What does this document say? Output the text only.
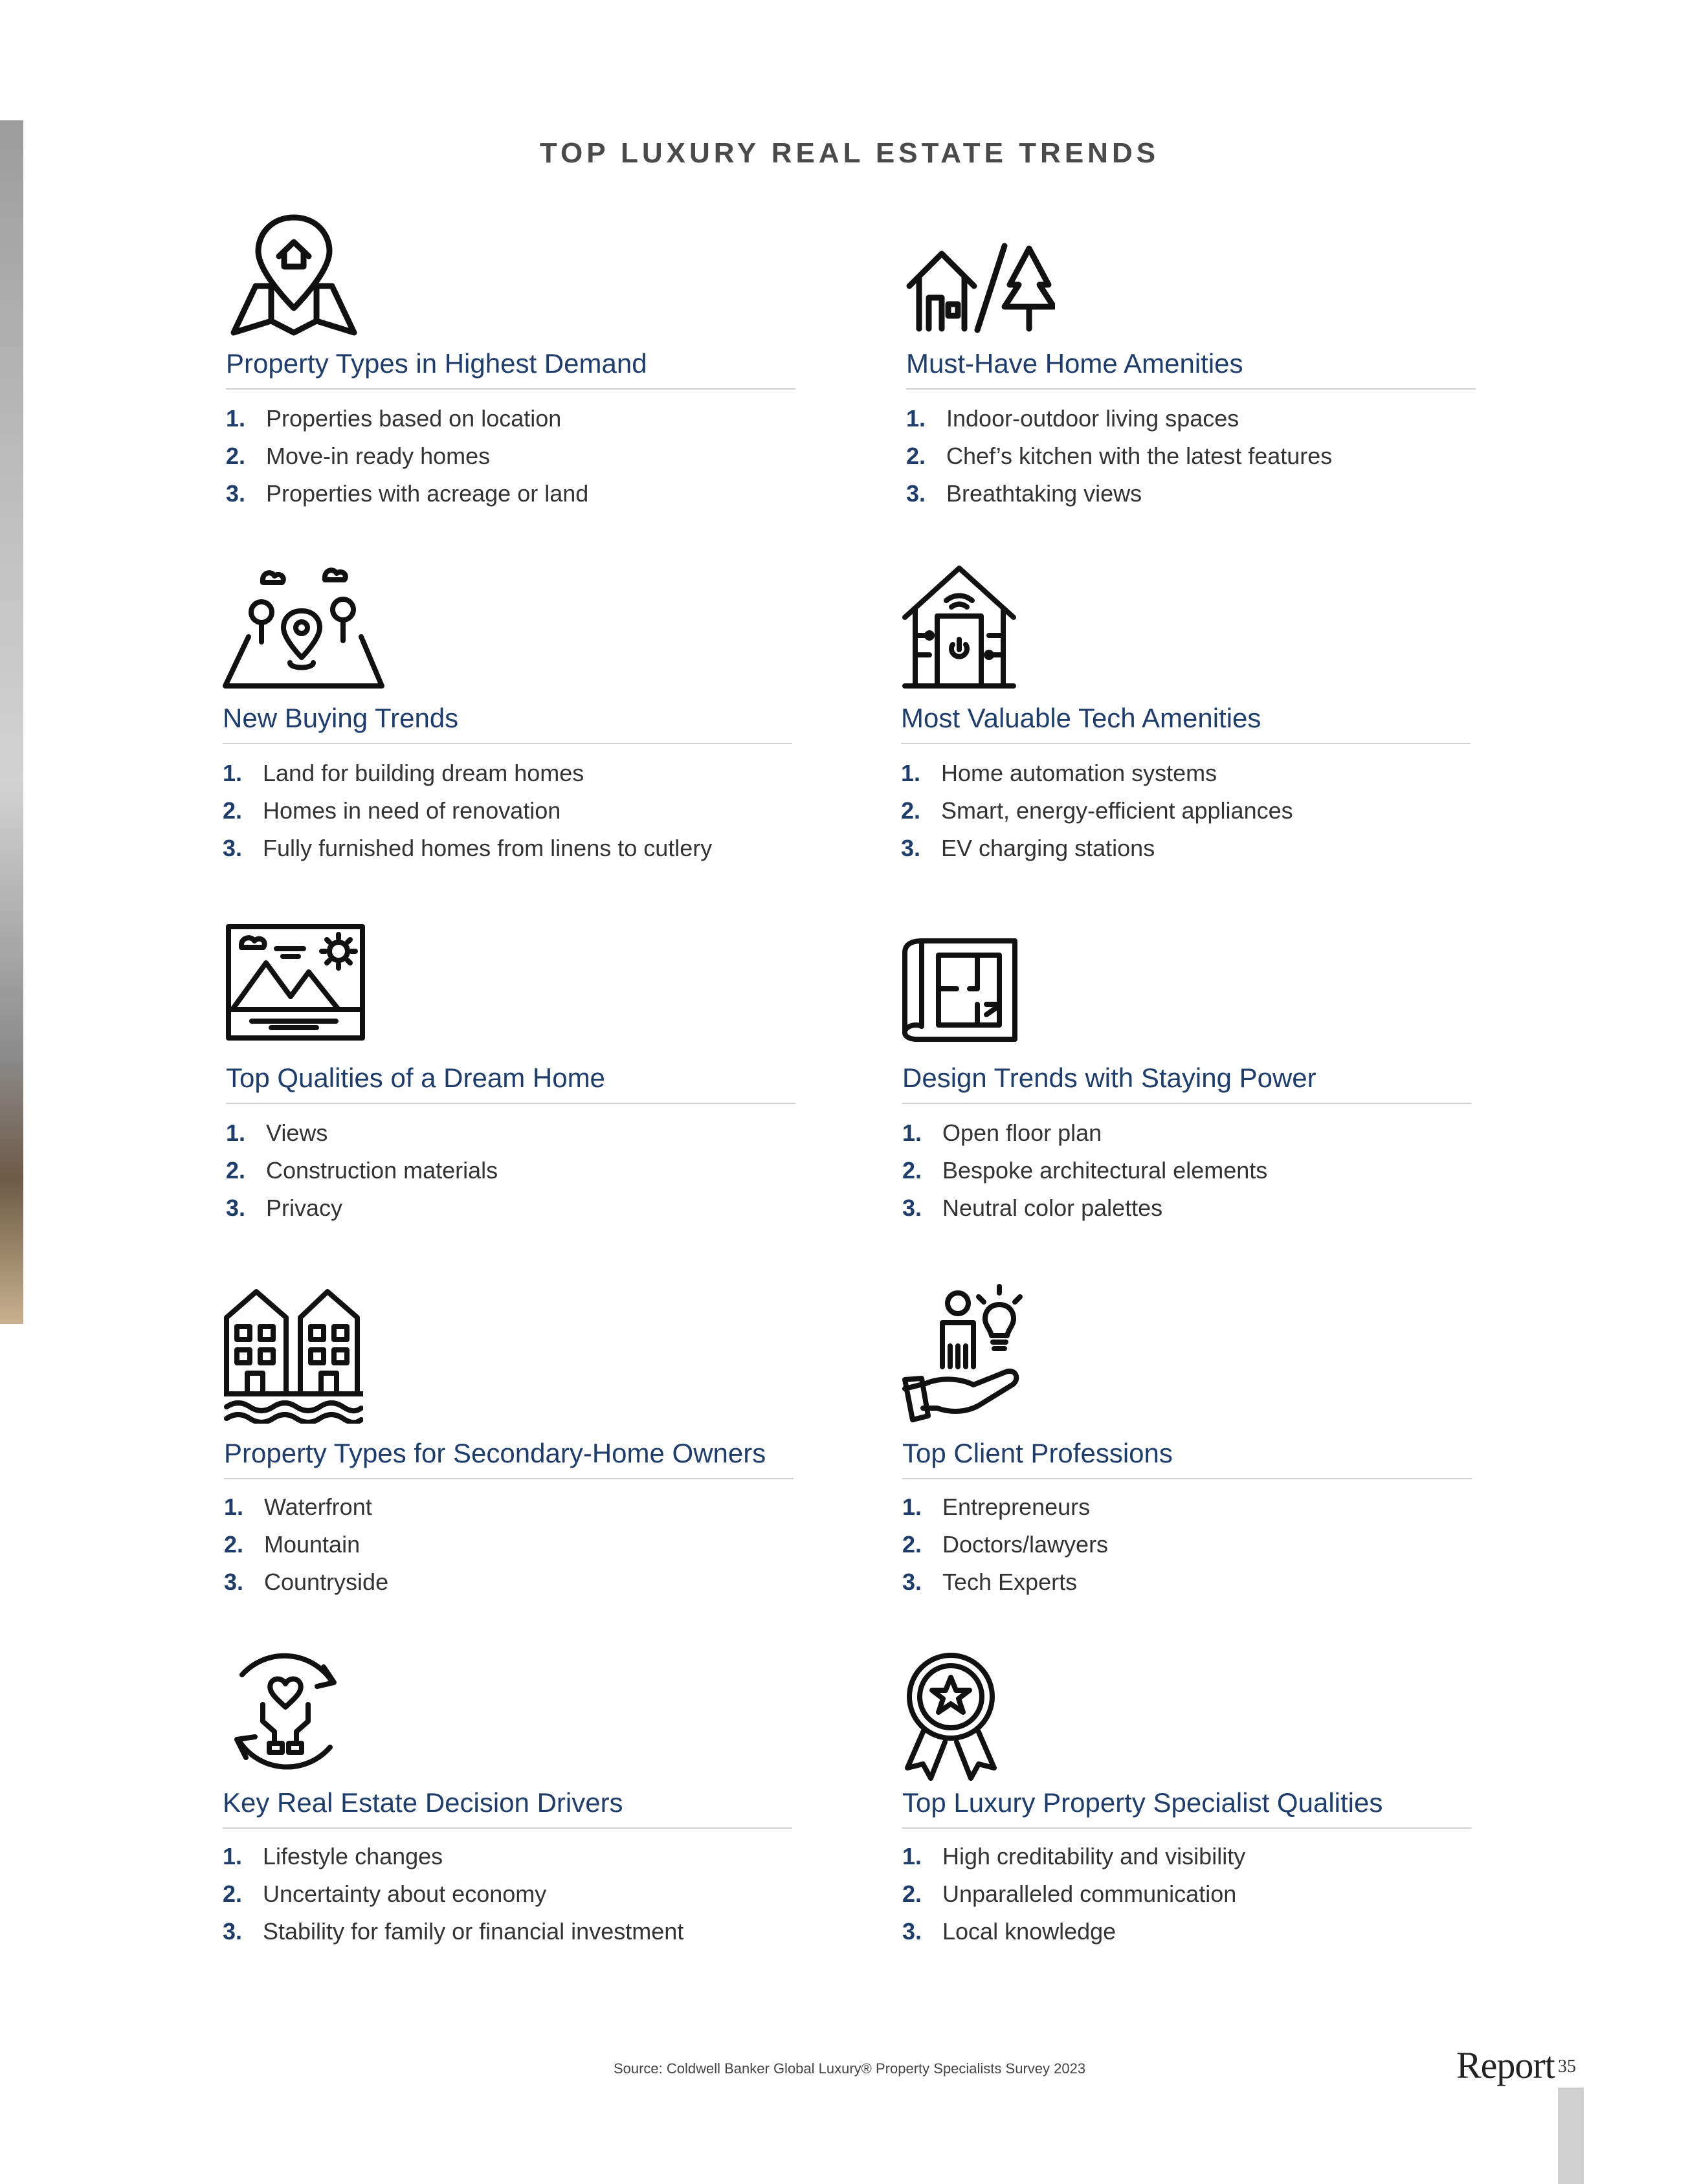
TOP LUXURY REAL ESTATE TRENDS
Property Types in Highest Demand
1. Properties based on location
2. Move-in ready homes
3. Properties with acreage or land
Must-Have Home Amenities
1. Indoor-outdoor living spaces
2. Chef’s kitchen with the latest features
3. Breathtaking views
New Buying Trends
1. Land for building dream homes
2. Homes in need of renovation
3. Fully furnished homes from linens to cutlery
Most Valuable Tech Amenities
1. Home automation systems
2. Smart, energy-efficient appliances
3. EV charging stations
Top Qualities of a Dream Home
1. Views
2. Construction materials
3. Privacy
Design Trends with Staying Power
1. Open floor plan
2. Bespoke architectural elements
3. Neutral color palettes
Property Types for Secondary-Home Owners
1. Waterfront
2. Mountain
3. Countryside
Top Client Professions
1. Entrepreneurs
2. Doctors/lawyers
3. Tech Experts
Key Real Estate Decision Drivers
1. Lifestyle changes
2. Uncertainty about economy
3. Stability for family or financial investment
Top Luxury Property Specialist Qualities
1. High creditability and visibility
2. Unparalleled communication
3. Local knowledge
Source: Coldwell Banker Global Luxury® Property Specialists Survey 2023	Report 35
